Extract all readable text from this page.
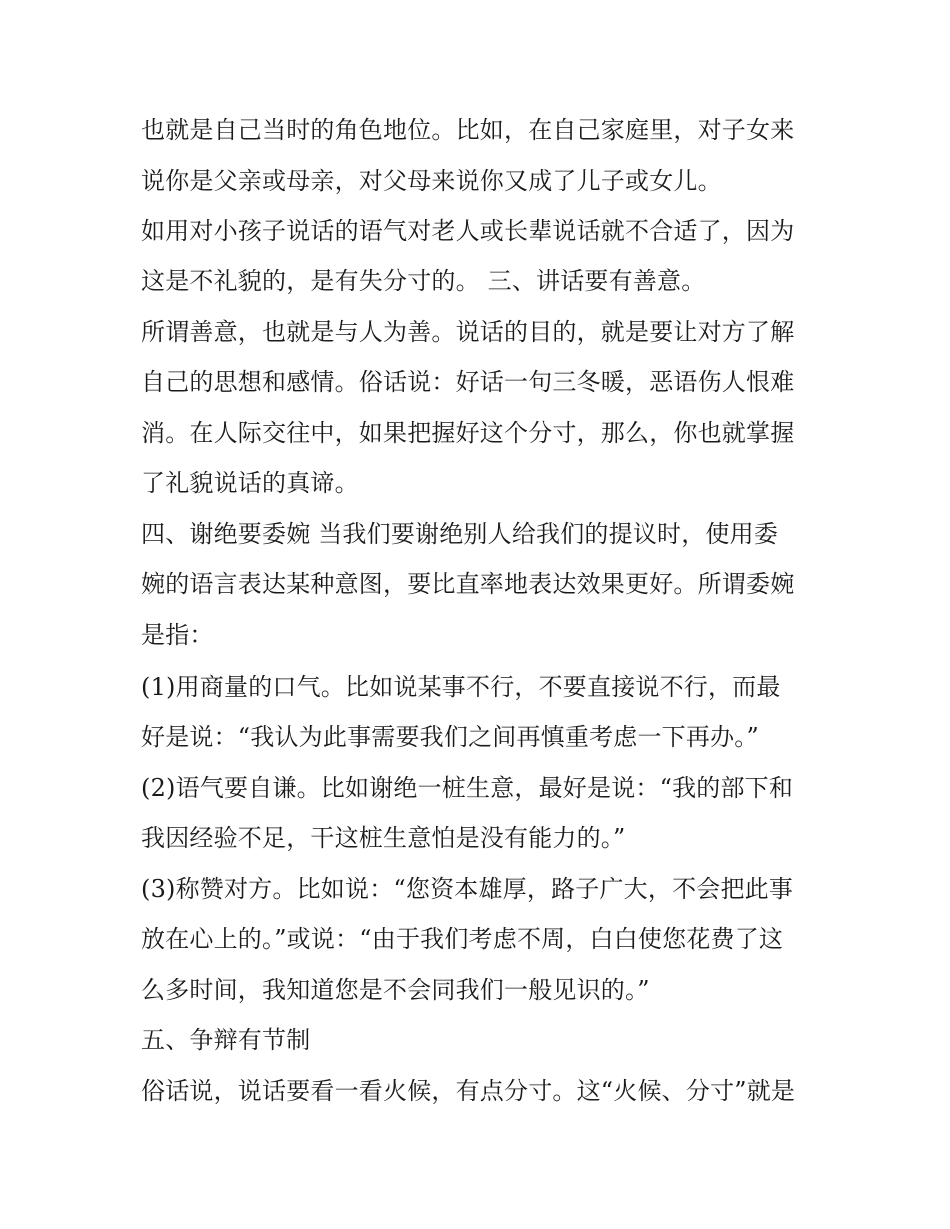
也就是自己当时的角色地位。比如，在自己家庭里，对子女来
说你是父亲或母亲，对父母来说你又成了儿子或女儿。
如用对小孩子说话的语气对老人或长辈说话就不合适了，因为
这是不礼貌的，是有失分寸的。 三、讲话要有善意。
所谓善意，也就是与人为善。说话的目的，就是要让对方了解
自己的思想和感情。俗话说：好话一句三冬暖，恶语伤人恨难
消。在人际交往中，如果把握好这个分寸，那么，你也就掌握
了礼貌说话的真谛。
四、谢绝要委婉 当我们要谢绝别人给我们的提议时，使用委
婉的语言表达某种意图，要比直率地表达效果更好。所谓委婉
是指：
(1)用商量的口气。比如说某事不行，不要直接说不行，而最
好是说：“我认为此事需要我们之间再慎重考虑一下再办。”
(2)语气要自谦。比如谢绝一桩生意，最好是说：“我的部下和
我因经验不足，干这桩生意怕是没有能力的。”
(3)称赞对方。比如说：“您资本雄厚，路子广大，不会把此事
放在心上的。”或说：“由于我们考虑不周，白白使您花费了这
么多时间，我知道您是不会同我们一般见识的。”
五、争辩有节制
俗话说，说话要看一看火候，有点分寸。这“火候、分寸”就是
